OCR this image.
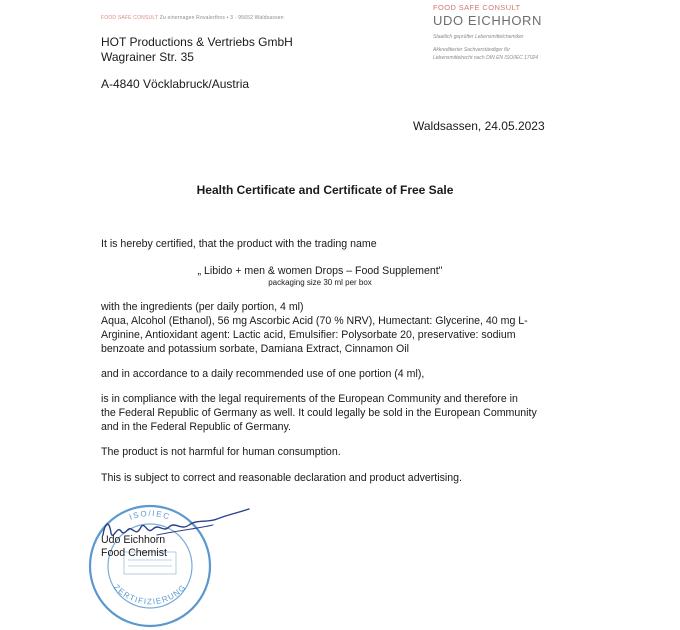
FOOD SAFE CONSULT Zu einernagen Rovalerthos • 3 · 95652 Waldsassen
FOOD SAFE CONSULT
UDO EICHHORN
Staatlich geprüfter Lebensmittelchemiker
Akkreditierter Sachverständiger für
Lebensmittelrecht nach DIN EN ISO/IEC 17024
HOT Productions & Vertriebs GmbH
Wagrainer Str. 35
A-4840 Vöcklabruck/Austria
Waldsassen, 24.05.2023
Health Certificate and Certificate of Free Sale
It is hereby certified, that the product with the trading name
„ Libido + men & women Drops – Food Supplement"
packaging size 30 ml per box
with the ingredients (per daily portion, 4 ml)
Aqua, Alcohol (Ethanol), 56 mg Ascorbic Acid (70 % NRV), Humectant: Glycerine, 40 mg L-
Arginine, Antioxidant agent: Lactic acid, Emulsifier: Polysorbate 20, preservative: sodium
benzoate and potassium sorbate, Damiana Extract, Cinnamon Oil
and in accordance to a daily recommended use of one portion (4 ml),
is in compliance with the legal requirements of the European Community and therefore in
the Federal Republic of Germany as well. It could legally be sold in the European Community
and in the Federal Republic of Germany.
The product is not harmful for human consumption.
This is subject to correct and reasonable declaration and product advertising.
ISO/IEC
ZERTIFIZIERUNG
Udo Eichhorn
Food Chemist
